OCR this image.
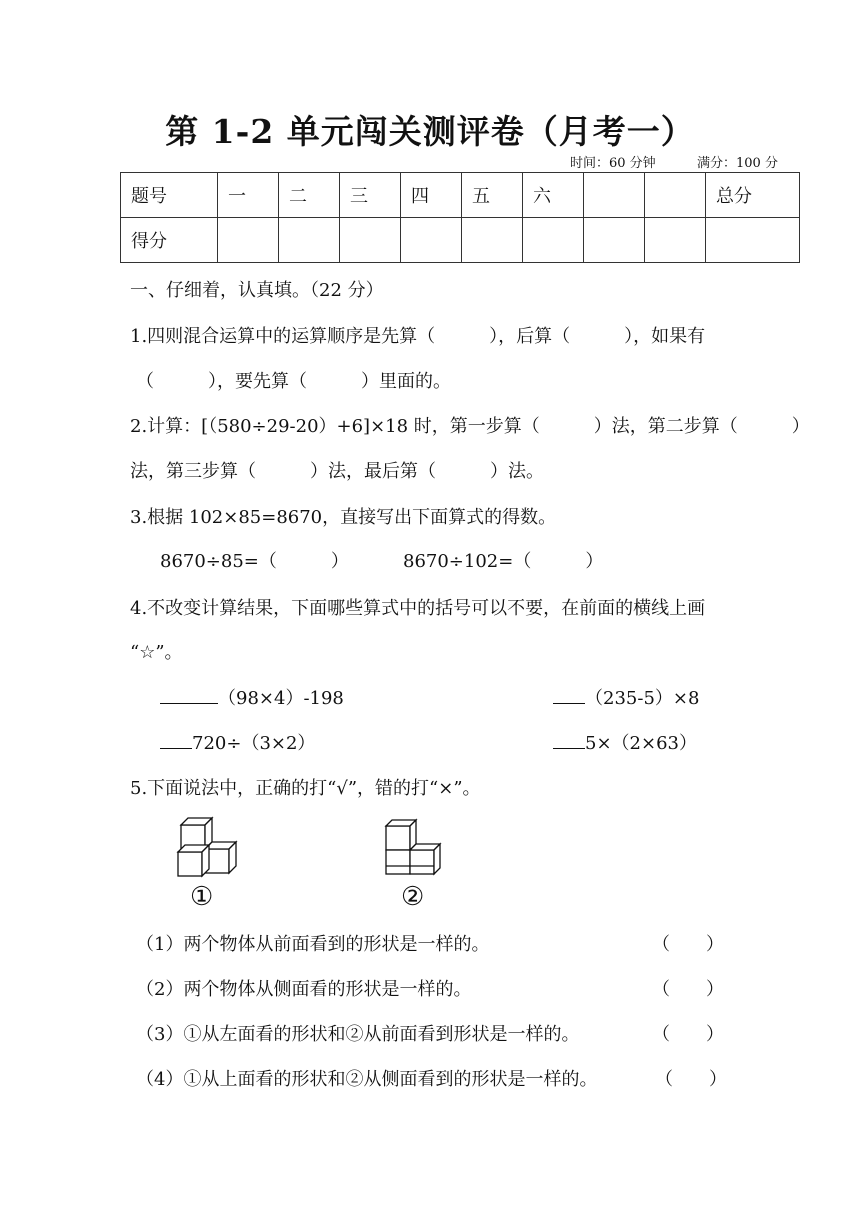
第 1-2 单元闯关测评卷（月考一）
时间：60 分钟	满分：100 分
题号	一	二	三	四	五	六			总分
得分									
一、仔细着，认真填。（22 分）
1.四则混合运算中的运算顺序是先算（　　　），后算（　　　），如果有
（　　　），要先算（　　　）里面的。
2.计算：[（580÷29-20）+6]×18 时，第一步算（　　　）法，第二步算（　　　）
法，第三步算（　　　）法，最后第（　　　）法。
3.根据 102×85=8670，直接写出下面算式的得数。
8670÷85=（　　　）	8670÷102=（　　　）
4.不改变计算结果，下面哪些算式中的括号可以不要，在前面的横线上画
“☆”。
（98×4）-198	（235-5）×8
720÷（3×2）	5×（2×63）
5.下面说法中，正确的打“√”，错的打“×”。
①	②
（1）两个物体从前面看到的形状是一样的。	（　　）
（2）两个物体从侧面看的形状是一样的。	（　　）
（3）①从左面看的形状和②从前面看到形状是一样的。	（　　）
（4）①从上面看的形状和②从侧面看到的形状是一样的。	（　　）
